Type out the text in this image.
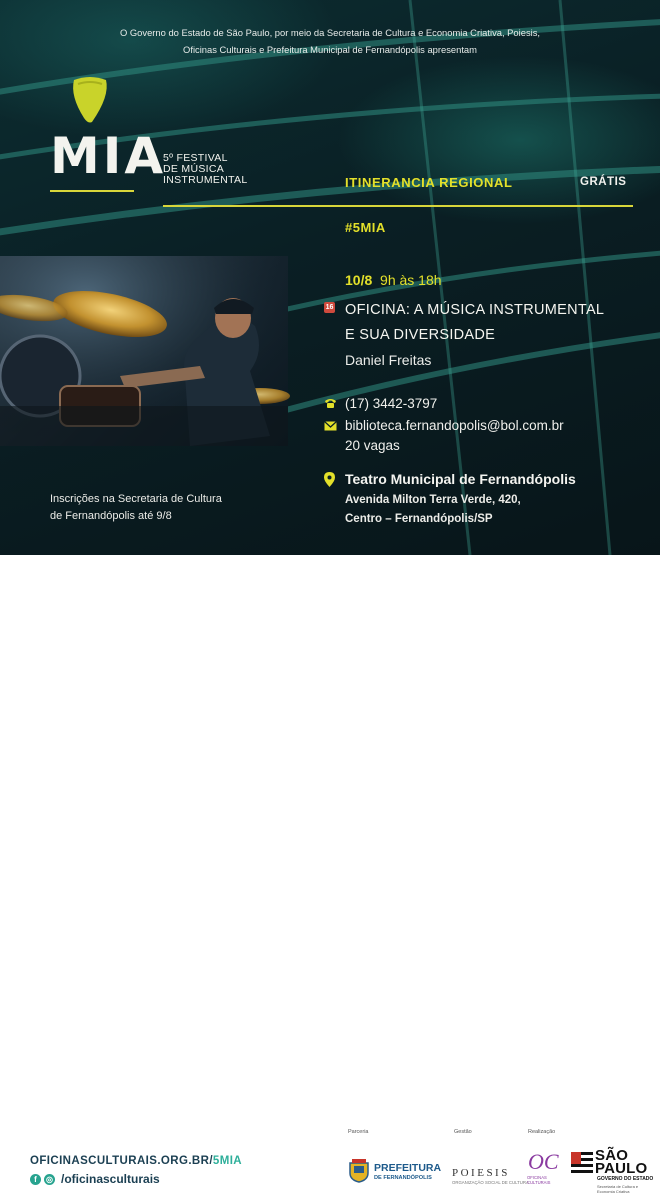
O Governo do Estado de São Paulo, por meio da Secretaria de Cultura e Economia Criativa, Poiesis,
Oficinas Culturais e Prefeitura Municipal de Fernandópolis apresentam

MIA
5º FESTIVAL
DE MÚSICA
INSTRUMENTAL	ITINERANCIA REGIONAL	GRÁTIS
#5MIA
10/8 9h às 18h
16 OFICINA: A MÚSICA INSTRUMENTAL
E SUA DIVERSIDADE

Daniel Freitas
(17) 3442-3797
biblioteca.fernandopolis@bol.com.br
20 vagas
Teatro Municipal de Fernandópolis

Avenida Milton Terra Verde, 420,
Centro – Fernandópolis/SP

Inscrições na Secretaria de Cultura
de Fernandópolis até 9/8

OFICINASCULTURAIS.ORG.BR/5MIA
f	◎ /oficinasculturais
Parceria	Gestão	Realização
PREFEITURA
DE FERNANDÓPOLIS POIESIS
ORGANIZAÇÃO SOCIAL DE CULTURA
OC
OFICINAS
CULTURAIS
SÃO
PAULO
GOVERNO DO ESTADO
Secretaria de Cultura e Economia Criativa
